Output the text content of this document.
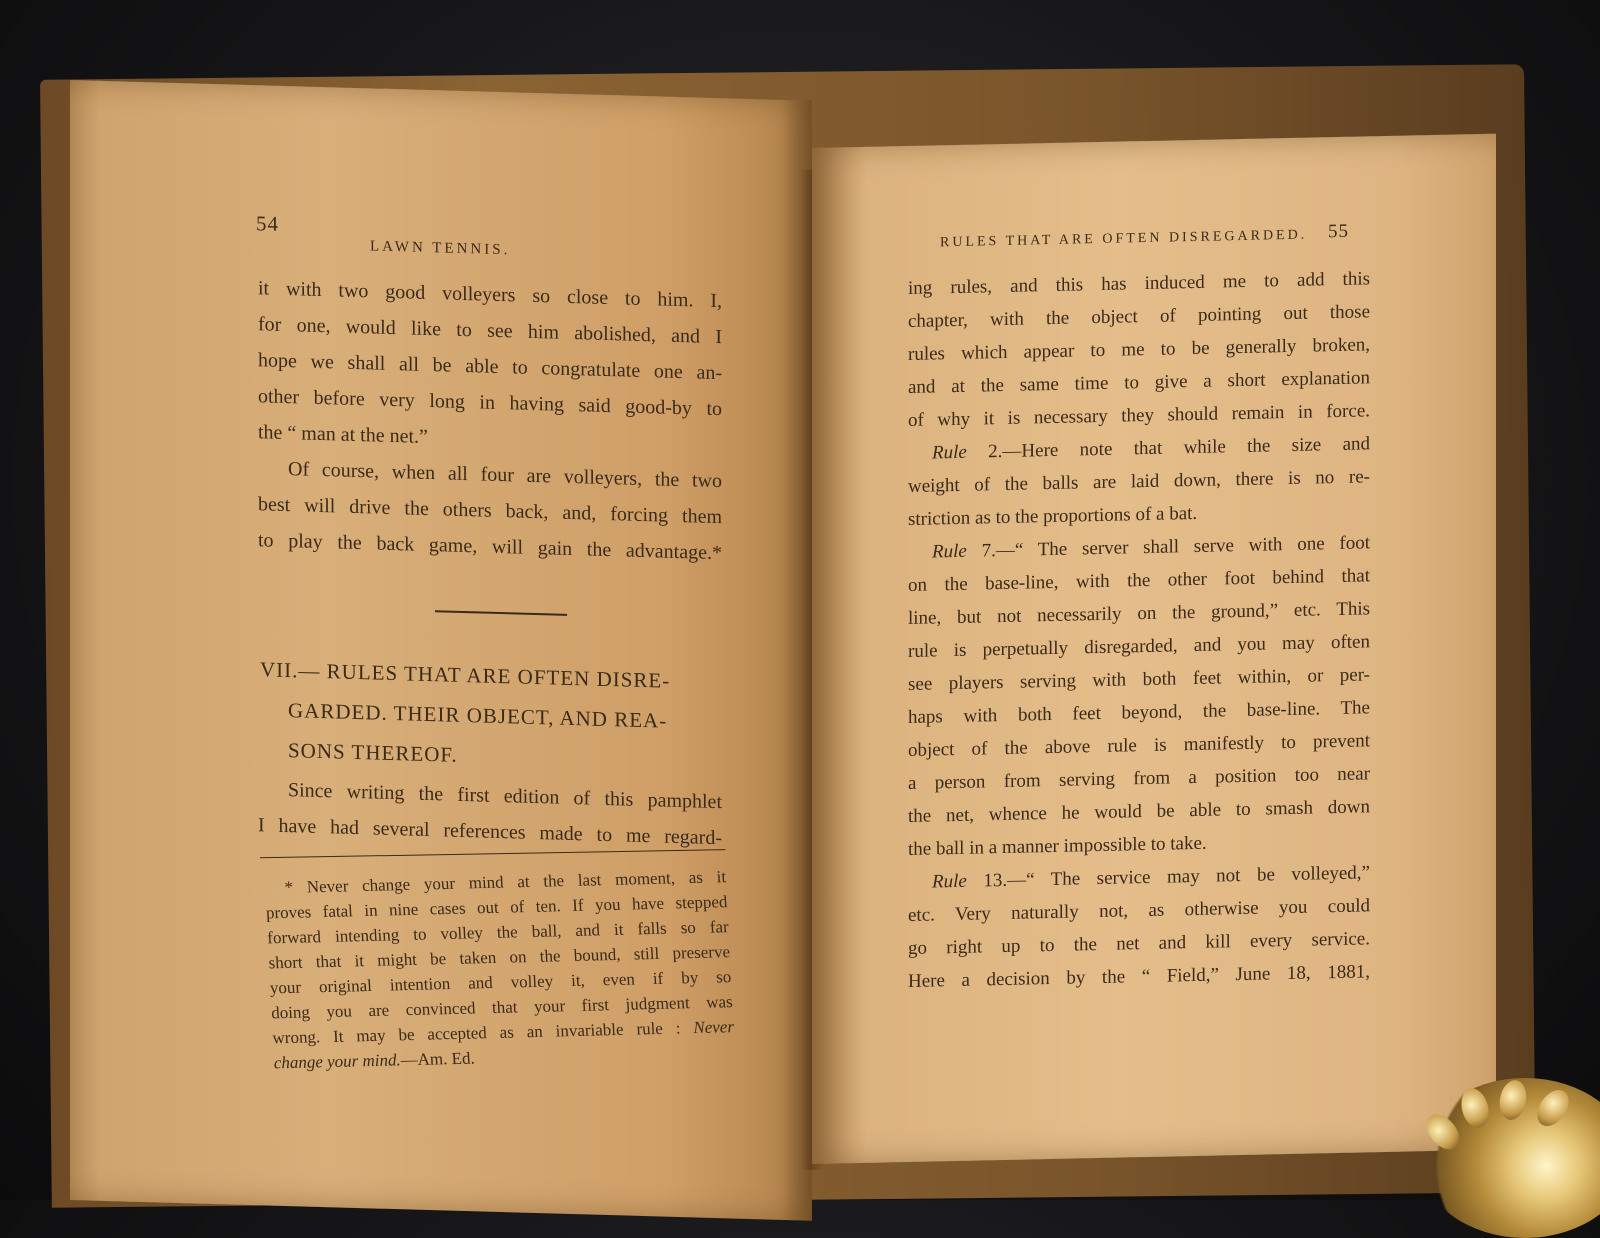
54
LAWN TENNIS.

it with two good volleyers so close to him. I,
for one, would like to see him abolished, and I
hope we shall all be able to congratulate one an-
other before very long in having said good-by to
the “ man at the net.”

Of course, when all four are volleyers, the two
best will drive the others back, and, forcing them
to play the back game, will gain the advantage.*

VII.— RULES THAT ARE OFTEN DISRE-
GARDED. THEIR OBJECT, AND REA-
SONS THEREOF.

Since writing the first edition of this pamphlet
I have had several references made to me regard-

* Never change your mind at the last moment, as it
proves fatal in nine cases out of ten. If you have stepped
forward intending to volley the ball, and it falls so far
short that it might be taken on the bound, still preserve
your original intention and volley it, even if by so
doing you are convinced that your first judgment was
wrong. It may be accepted as an invariable rule : Never
change your mind.—Am. Ed.
RULES THAT ARE OFTEN DISREGARDED. 55

ing rules, and this has induced me to add this
chapter, with the object of pointing out those
rules which appear to me to be generally broken,
and at the same time to give a short explanation
of why it is necessary they should remain in force.

Rule 2.—Here note that while the size and
weight of the balls are laid down, there is no re-
striction as to the proportions of a bat.

Rule 7.—“ The server shall serve with one foot
on the base-line, with the other foot behind that
line, but not necessarily on the ground,” etc. This
rule is perpetually disregarded, and you may often
see players serving with both feet within, or per-
haps with both feet beyond, the base-line. The
object of the above rule is manifestly to prevent
a person from serving from a position too near
the net, whence he would be able to smash down
the ball in a manner impossible to take.

Rule 13.—“ The service may not be volleyed,”
etc. Very naturally not, as otherwise you could
go right up to the net and kill every service.
Here a decision by the “ Field,” June 18, 1881,
